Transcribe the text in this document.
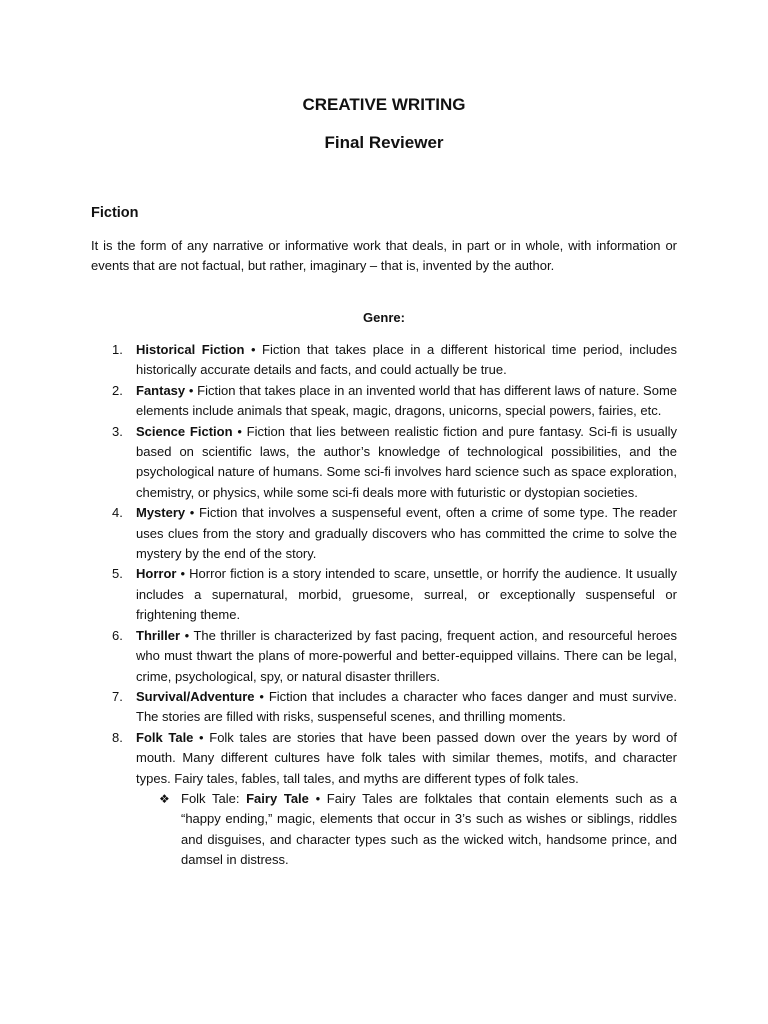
CREATIVE WRITING
Final Reviewer
Fiction
It is the form of any narrative or informative work that deals, in part or in whole, with information or events that are not factual, but rather, imaginary – that is, invented by the author.
Genre:
1. Historical Fiction • Fiction that takes place in a different historical time period, includes historically accurate details and facts, and could actually be true.
2. Fantasy • Fiction that takes place in an invented world that has different laws of nature. Some elements include animals that speak, magic, dragons, unicorns, special powers, fairies, etc.
3. Science Fiction • Fiction that lies between realistic fiction and pure fantasy. Sci-fi is usually based on scientific laws, the author’s knowledge of technological possibilities, and the psychological nature of humans. Some sci-fi involves hard science such as space exploration, chemistry, or physics, while some sci-fi deals more with futuristic or dystopian societies.
4. Mystery • Fiction that involves a suspenseful event, often a crime of some type. The reader uses clues from the story and gradually discovers who has committed the crime to solve the mystery by the end of the story.
5. Horror • Horror fiction is a story intended to scare, unsettle, or horrify the audience. It usually includes a supernatural, morbid, gruesome, surreal, or exceptionally suspenseful or frightening theme.
6. Thriller • The thriller is characterized by fast pacing, frequent action, and resourceful heroes who must thwart the plans of more-powerful and better-equipped villains. There can be legal, crime, psychological, spy, or natural disaster thrillers.
7. Survival/Adventure • Fiction that includes a character who faces danger and must survive. The stories are filled with risks, suspenseful scenes, and thrilling moments.
8. Folk Tale • Folk tales are stories that have been passed down over the years by word of mouth. Many different cultures have folk tales with similar themes, motifs, and character types. Fairy tales, fables, tall tales, and myths are different types of folk tales.
❖ Folk Tale: Fairy Tale • Fairy Tales are folktales that contain elements such as a “happy ending,” magic, elements that occur in 3’s such as wishes or siblings, riddles and disguises, and character types such as the wicked witch, handsome prince, and damsel in distress.
